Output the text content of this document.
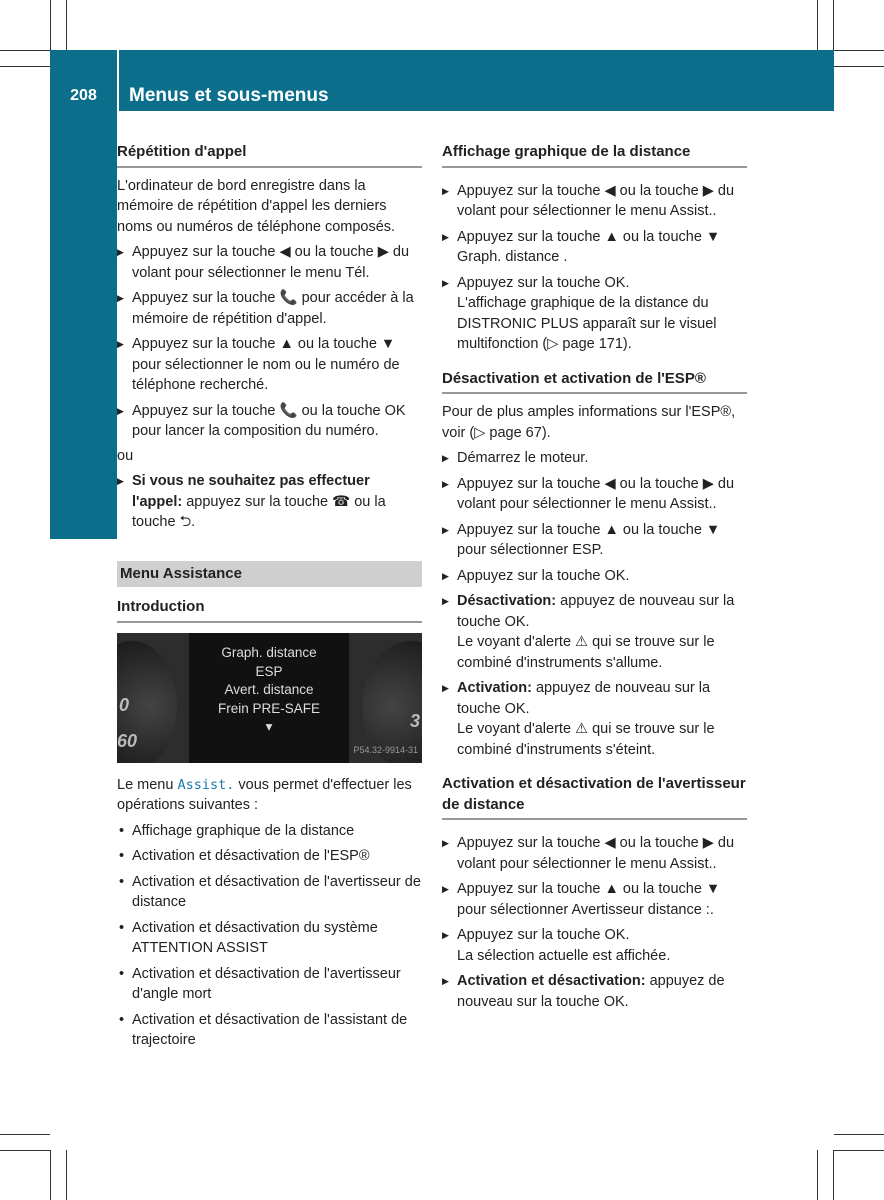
208	Menus et sous-menus
Ordinateur de bord et affichages
Répétition d'appel

L'ordinateur de bord enregistre dans la mémoire de répétition d'appel les derniers noms ou numéros de téléphone composés.

▶ Appuyez sur la touche ◀ ou la touche ▶ du volant pour sélectionner le menu Tél.

▶ Appuyez sur la touche 📞 pour accéder à la mémoire de répétition d'appel.

▶ Appuyez sur la touche ▲ ou la touche ▼ pour sélectionner le nom ou le numéro de téléphone recherché.

▶ Appuyez sur la touche 📞 ou la touche OK pour lancer la composition du numéro.

ou

▶ Si vous ne souhaitez pas effectuer l'appel: appuyez sur la touche ☎ ou la touche ⮌.

Menu Assistance
Introduction
0
60
3
Graph. distance
ESP
Avert. distance
Frein PRE-SAFE
▾
P54.32-9914-31

Le menu Assist. vous permet d'effectuer les opérations suivantes :

• Affichage graphique de la distance

• Activation et désactivation de l'ESP®

• Activation et désactivation de l'avertisseur de distance

• Activation et désactivation du système ATTENTION ASSIST

• Activation et désactivation de l'avertisseur d'angle mort

• Activation et désactivation de l'assistant de trajectoire

Affichage graphique de la distance

▶ Appuyez sur la touche ◀ ou la touche ▶ du volant pour sélectionner le menu Assist..

▶ Appuyez sur la touche ▲ ou la touche ▼ Graph. distance .

▶ Appuyez sur la touche OK.

L'affichage graphique de la distance du DISTRONIC PLUS apparaît sur le visuel multifonction (▷ page 171).

Désactivation et activation de l'ESP®

Pour de plus amples informations sur l'ESP®, voir (▷ page 67).

▶ Démarrez le moteur.

▶ Appuyez sur la touche ◀ ou la touche ▶ du volant pour sélectionner le menu Assist..

▶ Appuyez sur la touche ▲ ou la touche ▼ pour sélectionner ESP.

▶ Appuyez sur la touche OK.

▶ Désactivation: appuyez de nouveau sur la touche OK.

Le voyant d'alerte ⚠ qui se trouve sur le combiné d'instruments s'allume.

▶ Activation: appuyez de nouveau sur la touche OK.

Le voyant d'alerte ⚠ qui se trouve sur le combiné d'instruments s'éteint.

Activation et désactivation de l'avertisseur de distance

▶ Appuyez sur la touche ◀ ou la touche ▶ du volant pour sélectionner le menu Assist..

▶ Appuyez sur la touche ▲ ou la touche ▼ pour sélectionner Avertisseur distance :.

▶ Appuyez sur la touche OK.

La sélection actuelle est affichée.

▶ Activation et désactivation: appuyez de nouveau sur la touche OK.
